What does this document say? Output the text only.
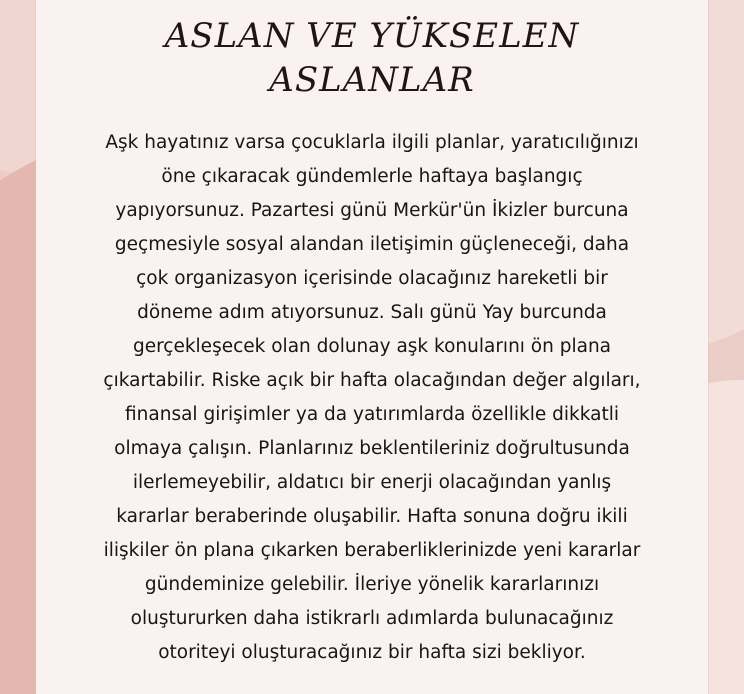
ASLAN VE YÜKSELEN
ASLANLAR
Aşk hayatınız varsa çocuklarla ilgili planlar, yaratıcılığınızı
öne çıkaracak gündemlerle haftaya başlangıç
yapıyorsunuz. Pazartesi günü Merkür'ün İkizler burcuna
geçmesiyle sosyal alandan iletişimin güçleneceği, daha
çok organizasyon içerisinde olacağınız hareketli bir
döneme adım atıyorsunuz. Salı günü Yay burcunda
gerçekleşecek olan dolunay aşk konularını ön plana
çıkartabilir. Riske açık bir hafta olacağından değer algıları,
finansal girişimler ya da yatırımlarda özellikle dikkatli
olmaya çalışın. Planlarınız beklentileriniz doğrultusunda
ilerlemeyebilir, aldatıcı bir enerji olacağından yanlış
kararlar beraberinde oluşabilir. Hafta sonuna doğru ikili
ilişkiler ön plana çıkarken beraberliklerinizde yeni kararlar
gündeminize gelebilir. İleriye yönelik kararlarınızı
oluştururken daha istikrarlı adımlarda bulunacağınız
otoriteyi oluşturacağınız bir hafta sizi bekliyor.
